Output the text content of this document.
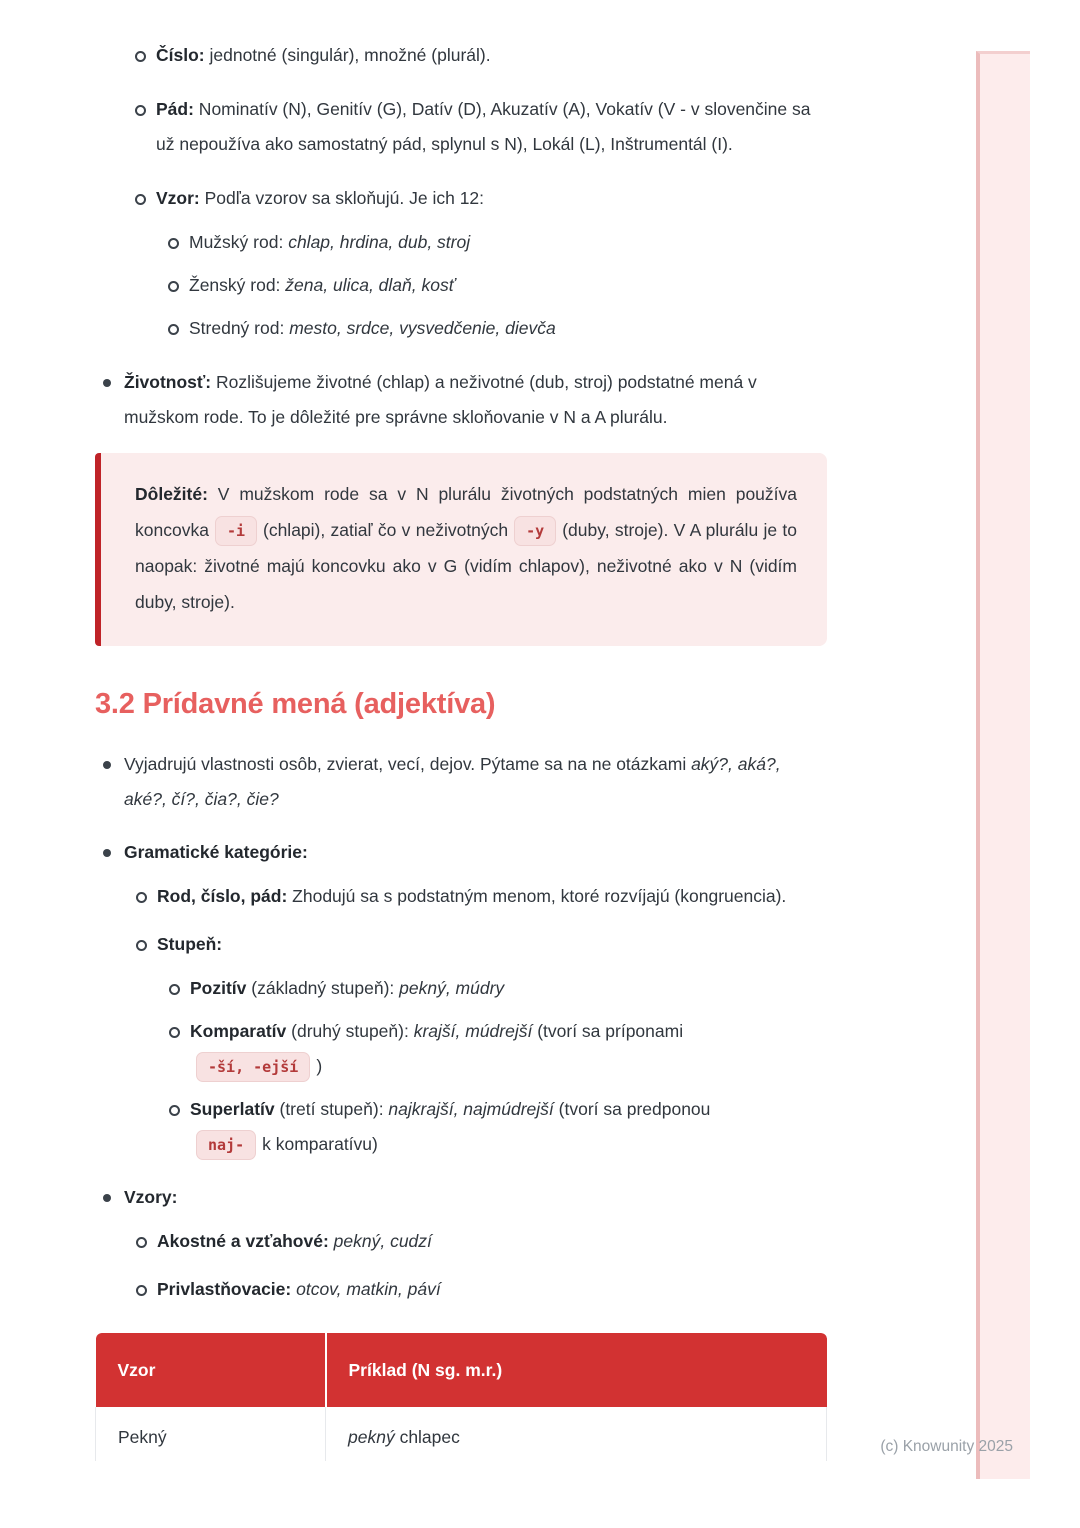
(c) Knowunity 2025
Číslo: jednotné (singulár), množné (plurál).
Pád: Nominatív (N), Genitív (G), Datív (D), Akuzatív (A), Vokatív (V - v slovenčine sa už nepoužíva ako samostatný pád, splynul s N), Lokál (L), Inštrumentál (I).
Vzor: Podľa vzorov sa skloňujú. Je ich 12:
Mužský rod: chlap, hrdina, dub, stroj
Ženský rod: žena, ulica, dlaň, kosť
Stredný rod: mesto, srdce, vysvedčenie, dievča
Životnosť: Rozlišujeme životné (chlap) a neživotné (dub, stroj) podstatné mená v mužskom rode. To je dôležité pre správne skloňovanie v N a A plurálu.
Dôležité: V mužskom rode sa v N plurálu životných podstatných mien používa koncovka -i (chlapi), zatiaľ čo v neživotných -y (duby, stroje). V A plurálu je to naopak: životné majú koncovku ako v G (vidím chlapov), neživotné ako v N (vidím duby, stroje).
3.2 Prídavné mená (adjektíva)
Vyjadrujú vlastnosti osôb, zvierat, vecí, dejov. Pýtame sa na ne otázkami aký?, aká?, aké?, čí?, čia?, čie?
Gramatické kategórie:
Rod, číslo, pád: Zhodujú sa s podstatným menom, ktoré rozvíjajú (kongruencia).
Stupeň:
Pozitív (základný stupeň): pekný, múdry
Komparatív (druhý stupeň): krajší, múdrejší (tvorí sa príponami
-ší, -ejší )
Superlatív (tretí stupeň): najkrajší, najmúdrejší (tvorí sa predponou
naj- k komparatívu)
Vzory:
Akostné a vzťahové: pekný, cudzí
Privlastňovacie: otcov, matkin, páví
Vzor	Príklad (N sg. m.r.)
Pekný	pekný chlapec
